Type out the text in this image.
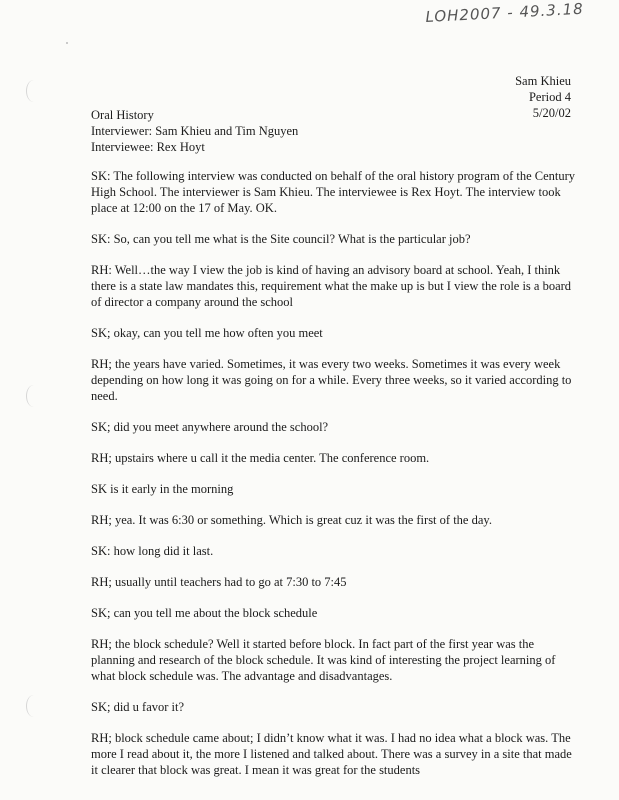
LOH2007 - 49.3.18
Sam Khieu
Period 4
5/20/02
Oral History
Interviewer: Sam Khieu and Tim Nguyen
Interviewee: Rex Hoyt

SK: The following interview was conducted on behalf of the oral history program of the Century High School. The interviewer is Sam Khieu. The interviewee is Rex Hoyt. The interview took place at 12:00 on the 17 of May. OK.

SK: So, can you tell me what is the Site council? What is the particular job?

RH: Well…the way I view the job is kind of having an advisory board at school. Yeah, I think there is a state law mandates this, requirement what the make up is but I view the role is a board of director a company around the school

SK; okay, can you tell me how often you meet

RH; the years have varied. Sometimes, it was every two weeks. Sometimes it was every week depending on how long it was going on for a while. Every three weeks, so it varied according to need.

SK; did you meet anywhere around the school?

RH; upstairs where u call it the media center. The conference room.

SK is it early in the morning

RH; yea. It was 6:30 or something. Which is great cuz it was the first of the day.

SK: how long did it last.

RH; usually until teachers had to go at 7:30 to 7:45

SK; can you tell me about the block schedule

RH; the block schedule? Well it started before block. In fact part of the first year was the planning and research of the block schedule. It was kind of interesting the project learning of what block schedule was. The advantage and disadvantages.

SK; did u favor it?

RH; block schedule came about; I didn’t know what it was. I had no idea what a block was. The more I read about it, the more I listened and talked about. There was a survey in a site that made it clearer that block was great. I mean it was great for the students
